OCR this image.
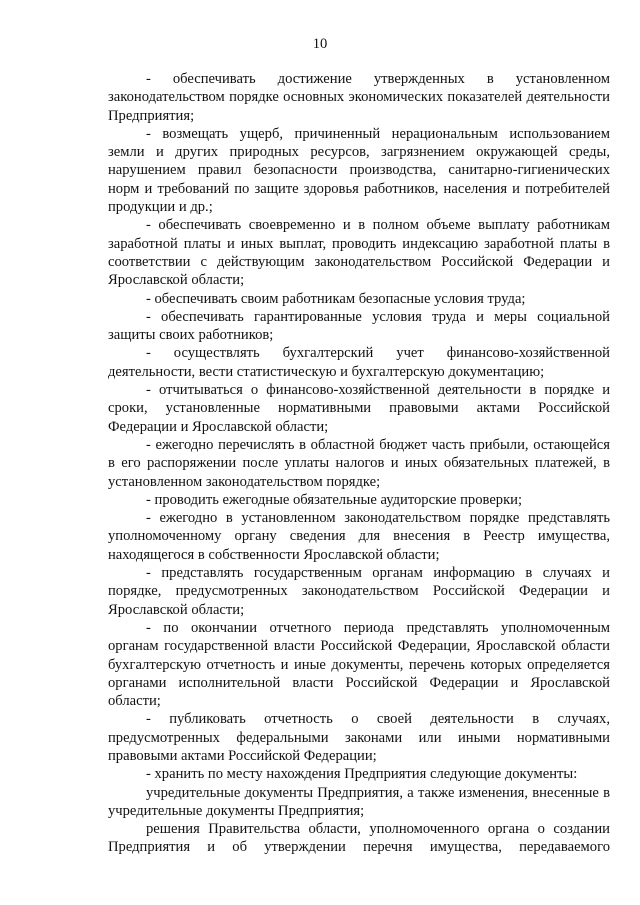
10

- обеспечивать достижение утвержденных в установленном законодательством порядке основных экономических показателей деятельности Предприятия;

- возмещать ущерб, причиненный нерациональным использованием земли и других природных ресурсов, загрязнением окружающей среды, нарушением правил безопасности производства, санитарно-гигиенических норм и требований по защите здоровья работников, населения и потребителей продукции и др.;

- обеспечивать своевременно и в полном объеме выплату работникам заработной платы и иных выплат, проводить индексацию заработной платы в соответствии с действующим законодательством Российской Федерации и Ярославской области;

- обеспечивать своим работникам безопасные условия труда;

- обеспечивать гарантированные условия труда и меры социальной защиты своих работников;

- осуществлять бухгалтерский учет финансово-хозяйственной деятельности, вести статистическую и бухгалтерскую документацию;

- отчитываться о финансово-хозяйственной деятельности в порядке и сроки, установленные нормативными правовыми актами Российской Федерации и Ярославской области;

- ежегодно перечислять в областной бюджет часть прибыли, остающейся в его распоряжении после уплаты налогов и иных обязательных платежей, в установленном законодательством порядке;

- проводить ежегодные обязательные аудиторские проверки;

- ежегодно в установленном законодательством порядке представлять уполномоченному органу сведения для внесения в Реестр имущества, находящегося в собственности Ярославской области;

- представлять государственным органам информацию в случаях и порядке, предусмотренных законодательством Российской Федерации и Ярославской области;

- по окончании отчетного периода представлять уполномоченным органам государственной власти Российской Федерации, Ярославской области бухгалтерскую отчетность и иные документы, перечень которых определяется органами исполнительной власти Российской Федерации и Ярославской области;

- публиковать отчетность о своей деятельности в случаях, предусмотренных федеральными законами или иными нормативными правовыми актами Российской Федерации;

- хранить по месту нахождения Предприятия следующие документы:

учредительные документы Предприятия, а также изменения, внесенные в учредительные документы Предприятия;

решения Правительства области, уполномоченного органа о создании Предприятия и об утверждении перечня имущества, передаваемого
